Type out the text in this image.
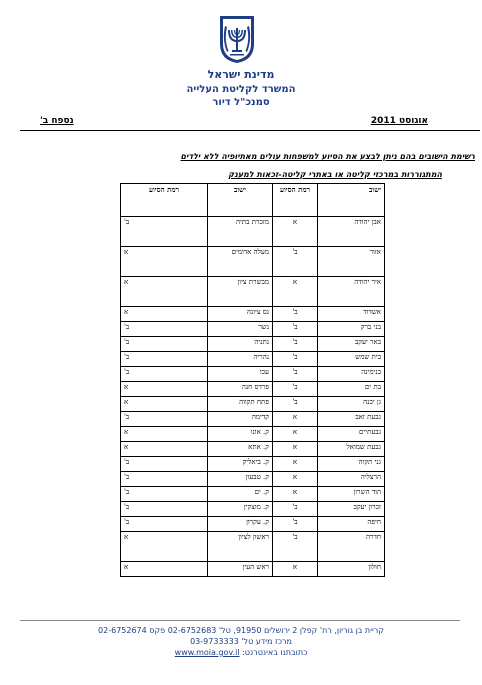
מדינת ישראל
המשרד לקליטת העלייה
סמנכ"ל דיור
נספח ב'	אוגוסט 2011
רשימת הישובים בהם ניתן לבצע את הסיוע למשפחות עולים מאתיופיה ללא ילדים
המתגוררות במרכזי קליטה או באתרי קליטה-זכאות למענק
ישוב	רמת הסיוע	ישוב	רמת הסיוע
אבן יהודה	א	מזכרת בתיה	ב'
אזור	ב'	מעלה אדומים	א
איר יהודה	א	מבשרת ציון	א
אשדוד	ב'	נס ציונה	א
בני ברק	ב'	נשר	ב'
באר יעקב	ב'	נתניה	ב'
בית שמש	ב'	נהריה	ב'
בנימינה	ב'	עכו	ב'
בת ים	ב'	פרדס חנה	א
גן יבנה	ב'	פתח תקווה	א
גבעת זאב	א	קדימה	ב'
גבעתיים	א	ק. אונו	א
גבעת שמואל	א	ק. אתא	א
גני תקוה	א	ק. ביאליק	ב'
הרצליה	א	ק. טבעון	ב'
הוד השרון	א	ק. ים	ב'
זכרון יעקב	ב'	ק. מוצקין	ב'
חיפה	ב'	ק. עקרון	ב'
חדרה	ב'	ראשון לציון	א
חולון	א	ראש העין	א
קריית בן גוריון, רח' קפלן 2 ירושלים 91950, טל' 02-6752683 פקס 02-6752674
מרכז מידע טל' 03-9733333
כתובתנו באינטרנט: www.moia.gov.il
